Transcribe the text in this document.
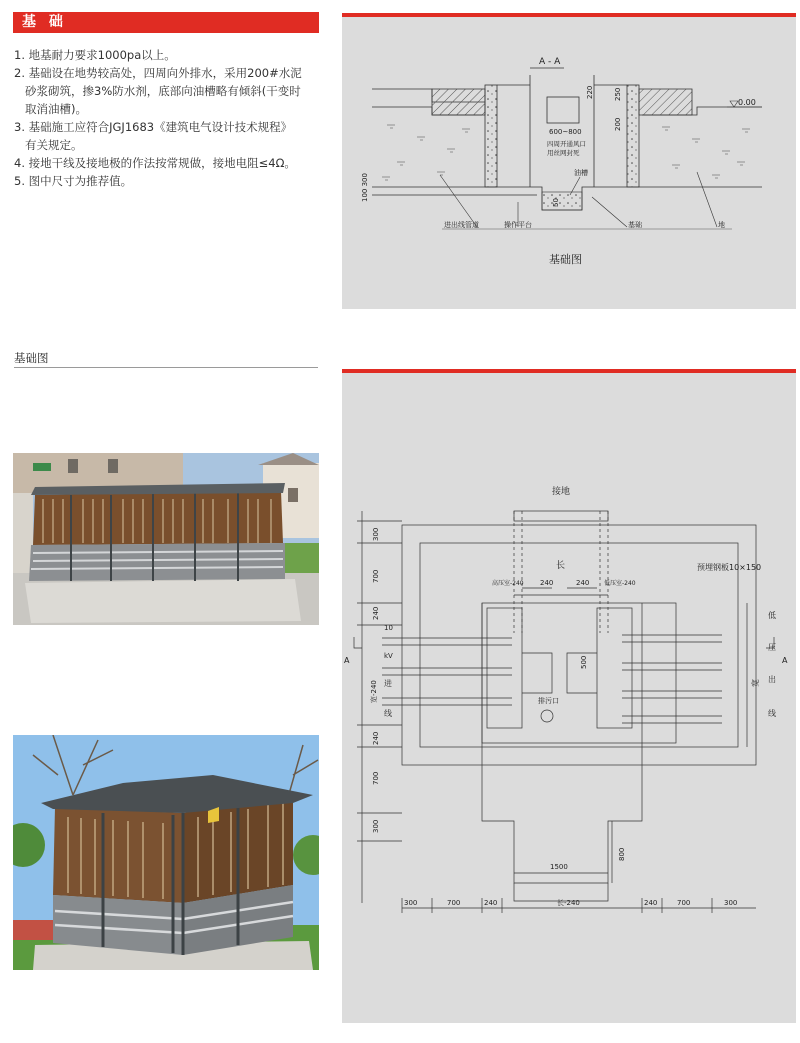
基 础
1. 地基耐力要求1000pa以上。
2. 基础设在地势较高处，四周向外排水，采用200#水泥
砂浆砌筑，掺3%防水剂，底部向油槽略有倾斜(干变时
取消油槽)。
3. 基础施工应符合JGJ1683《建筑电气设计技术规程》
有关规定。
4. 接地干线及接地极的作法按常规做，接地电阻≤4Ω。
5. 图中尺寸为推荐值。
基础图
A - A
600~800
四周开通风口
用丝网封死
220	250
200
油槽
50
100 300
0.00
进出线管道	操作平台	基础	地
基础图
接地
长	预埋钢板10×150
高压室-240	低压室-240
240	240
500
排污口
10
kV
进
线
宽-240
低
压
出
线
宽
A	A
300
700
240
240
700
300
800
1500
300	700	240	长-240	240	700	300
